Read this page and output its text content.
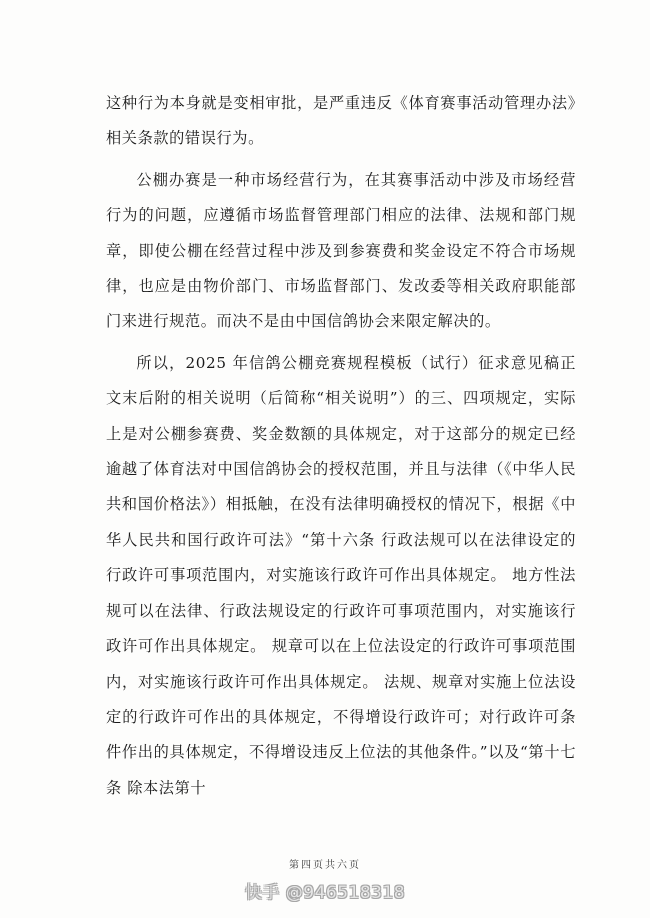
这种行为本身就是变相审批，是严重违反《体育赛事活动管理办法》相关条款的错误行为。

公棚办赛是一种市场经营行为，在其赛事活动中涉及市场经营行为的问题，应遵循市场监督管理部门相应的法律、法规和部门规章，即使公棚在经营过程中涉及到参赛费和奖金设定不符合市场规律，也应是由物价部门、市场监督部门、发改委等相关政府职能部门来进行规范。而决不是由中国信鸽协会来限定解决的。

所以，2025 年信鸽公棚竞赛规程模板（试行）征求意见稿正文末后附的相关说明（后简称“相关说明”）的三、四项规定，实际上是对公棚参赛费、奖金数额的具体规定，对于这部分的规定已经逾越了体育法对中国信鸽协会的授权范围，并且与法律（《中华人民共和国价格法》）相抵触，在没有法律明确授权的情况下，根据《中华人民共和国行政许可法》“第十六条 行政法规可以在法律设定的行政许可事项范围内，对实施该行政许可作出具体规定。 地方性法规可以在法律、行政法规设定的行政许可事项范围内，对实施该行政许可作出具体规定。 规章可以在上位法设定的行政许可事项范围内，对实施该行政许可作出具体规定。 法规、规章对实施上位法设定的行政许可作出的具体规定，不得增设行政许可；对行政许可条件作出的具体规定，不得增设违反上位法的其他条件。”以及“第十七条 除本法第十

第四页共六页
快手 @946518318
